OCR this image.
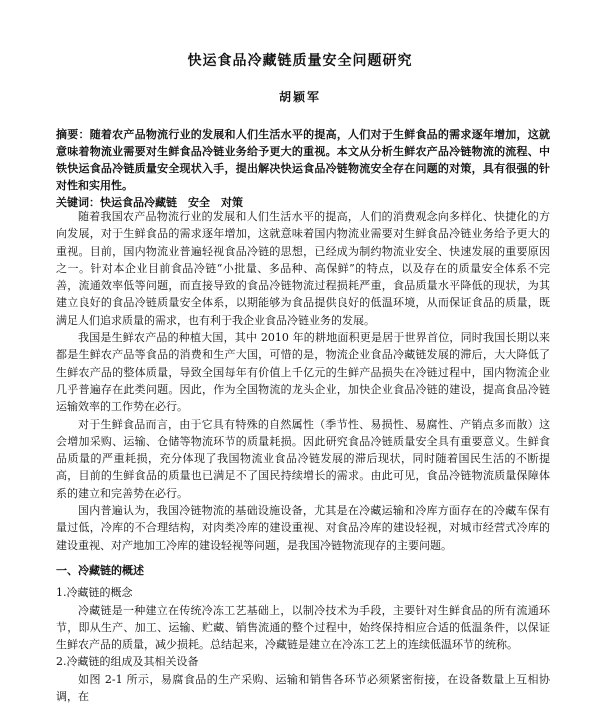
快运食品冷藏链质量安全问题研究
胡颖军
摘要：随着农产品物流行业的发展和人们生活水平的提高，人们对于生鲜食品的需求逐年增加，这就意味着物流业需要对生鲜食品冷链业务给予更大的重视。本文从分析生鲜农产品冷链物流的流程、中铁快运食品冷链质量安全现状入手，提出解决快运食品冷链物流安全存在问题的对策，具有很强的针对性和实用性。
关键词：快运食品冷藏链　安全　对策

随着我国农产品物流行业的发展和人们生活水平的提高，人们的消费观念向多样化、快捷化的方向发展，对于生鲜食品的需求逐年增加，这就意味着国内物流业需要对生鲜食品冷链业务给予更大的重视。目前，国内物流业普遍轻视食品冷链的思想，已经成为制约物流业安全、快速发展的重要原因之一。针对本企业目前食品冷链“小批量、多品种、高保鲜”的特点，以及存在的质量安全体系不完善，流通效率低等问题，而直接导致的食品冷链物流过程损耗严重，食品质量水平降低的现状，为其建立良好的食品冷链质量安全体系，以期能够为食品提供良好的低温环境，从而保证食品的质量，既满足人们追求质量的需求，也有利于我企业食品冷链业务的发展。

我国是生鲜农产品的种植大国，其中 2010 年的耕地面积更是居于世界首位，同时我国长期以来都是生鲜农产品等食品的消费和生产大国，可惜的是，物流企业食品冷藏链发展的滞后，大大降低了生鲜农产品的整体质量，导致全国每年有价值上千亿元的生鲜产品损失在冷链过程中，国内物流企业几乎普遍存在此类问题。因此，作为全国物流的龙头企业，加快企业食品冷链的建设，提高食品冷链运输效率的工作势在必行。

对于生鲜食品而言，由于它具有特殊的自然属性（季节性、易损性、易腐性、产销点多而散）这会增加采购、运输、仓储等物流环节的质量耗损。因此研究食品冷链质量安全具有重要意义。生鲜食品质量的严重耗损，充分体现了我国物流业食品冷链发展的滞后现状，同时随着国民生活的不断提高，目前的生鲜食品的质量也已满足不了国民持续增长的需求。由此可见，食品冷链物流质量保障体系的建立和完善势在必行。

国内普遍认为，我国冷链物流的基础设施设备，尤其是在冷藏运输和冷库方面存在的冷藏车保有量过低，冷库的不合理结构，对肉类冷库的建设重视、对食品冷库的建设轻视，对城市经营式冷库的建设重视、对产地加工冷库的建设轻视等问题，是我国冷链物流现存的主要问题。

一、冷藏链的概述
1.冷藏链的概念

冷藏链是一种建立在传统冷冻工艺基础上，以制冷技术为手段，主要针对生鲜食品的所有流通环节，即从生产、加工、运输、贮藏、销售流通的整个过程中，始终保持相应合适的低温条件，以保证生鲜农产品的质量，减少损耗。总结起来，冷藏链是建立在冷冻工艺上的连续低温环节的统称。

2.冷藏链的组成及其相关设备

如图 2-1 所示，易腐食品的生产采购、运输和销售各环节必须紧密衔接，在设备数量上互相协调，在
